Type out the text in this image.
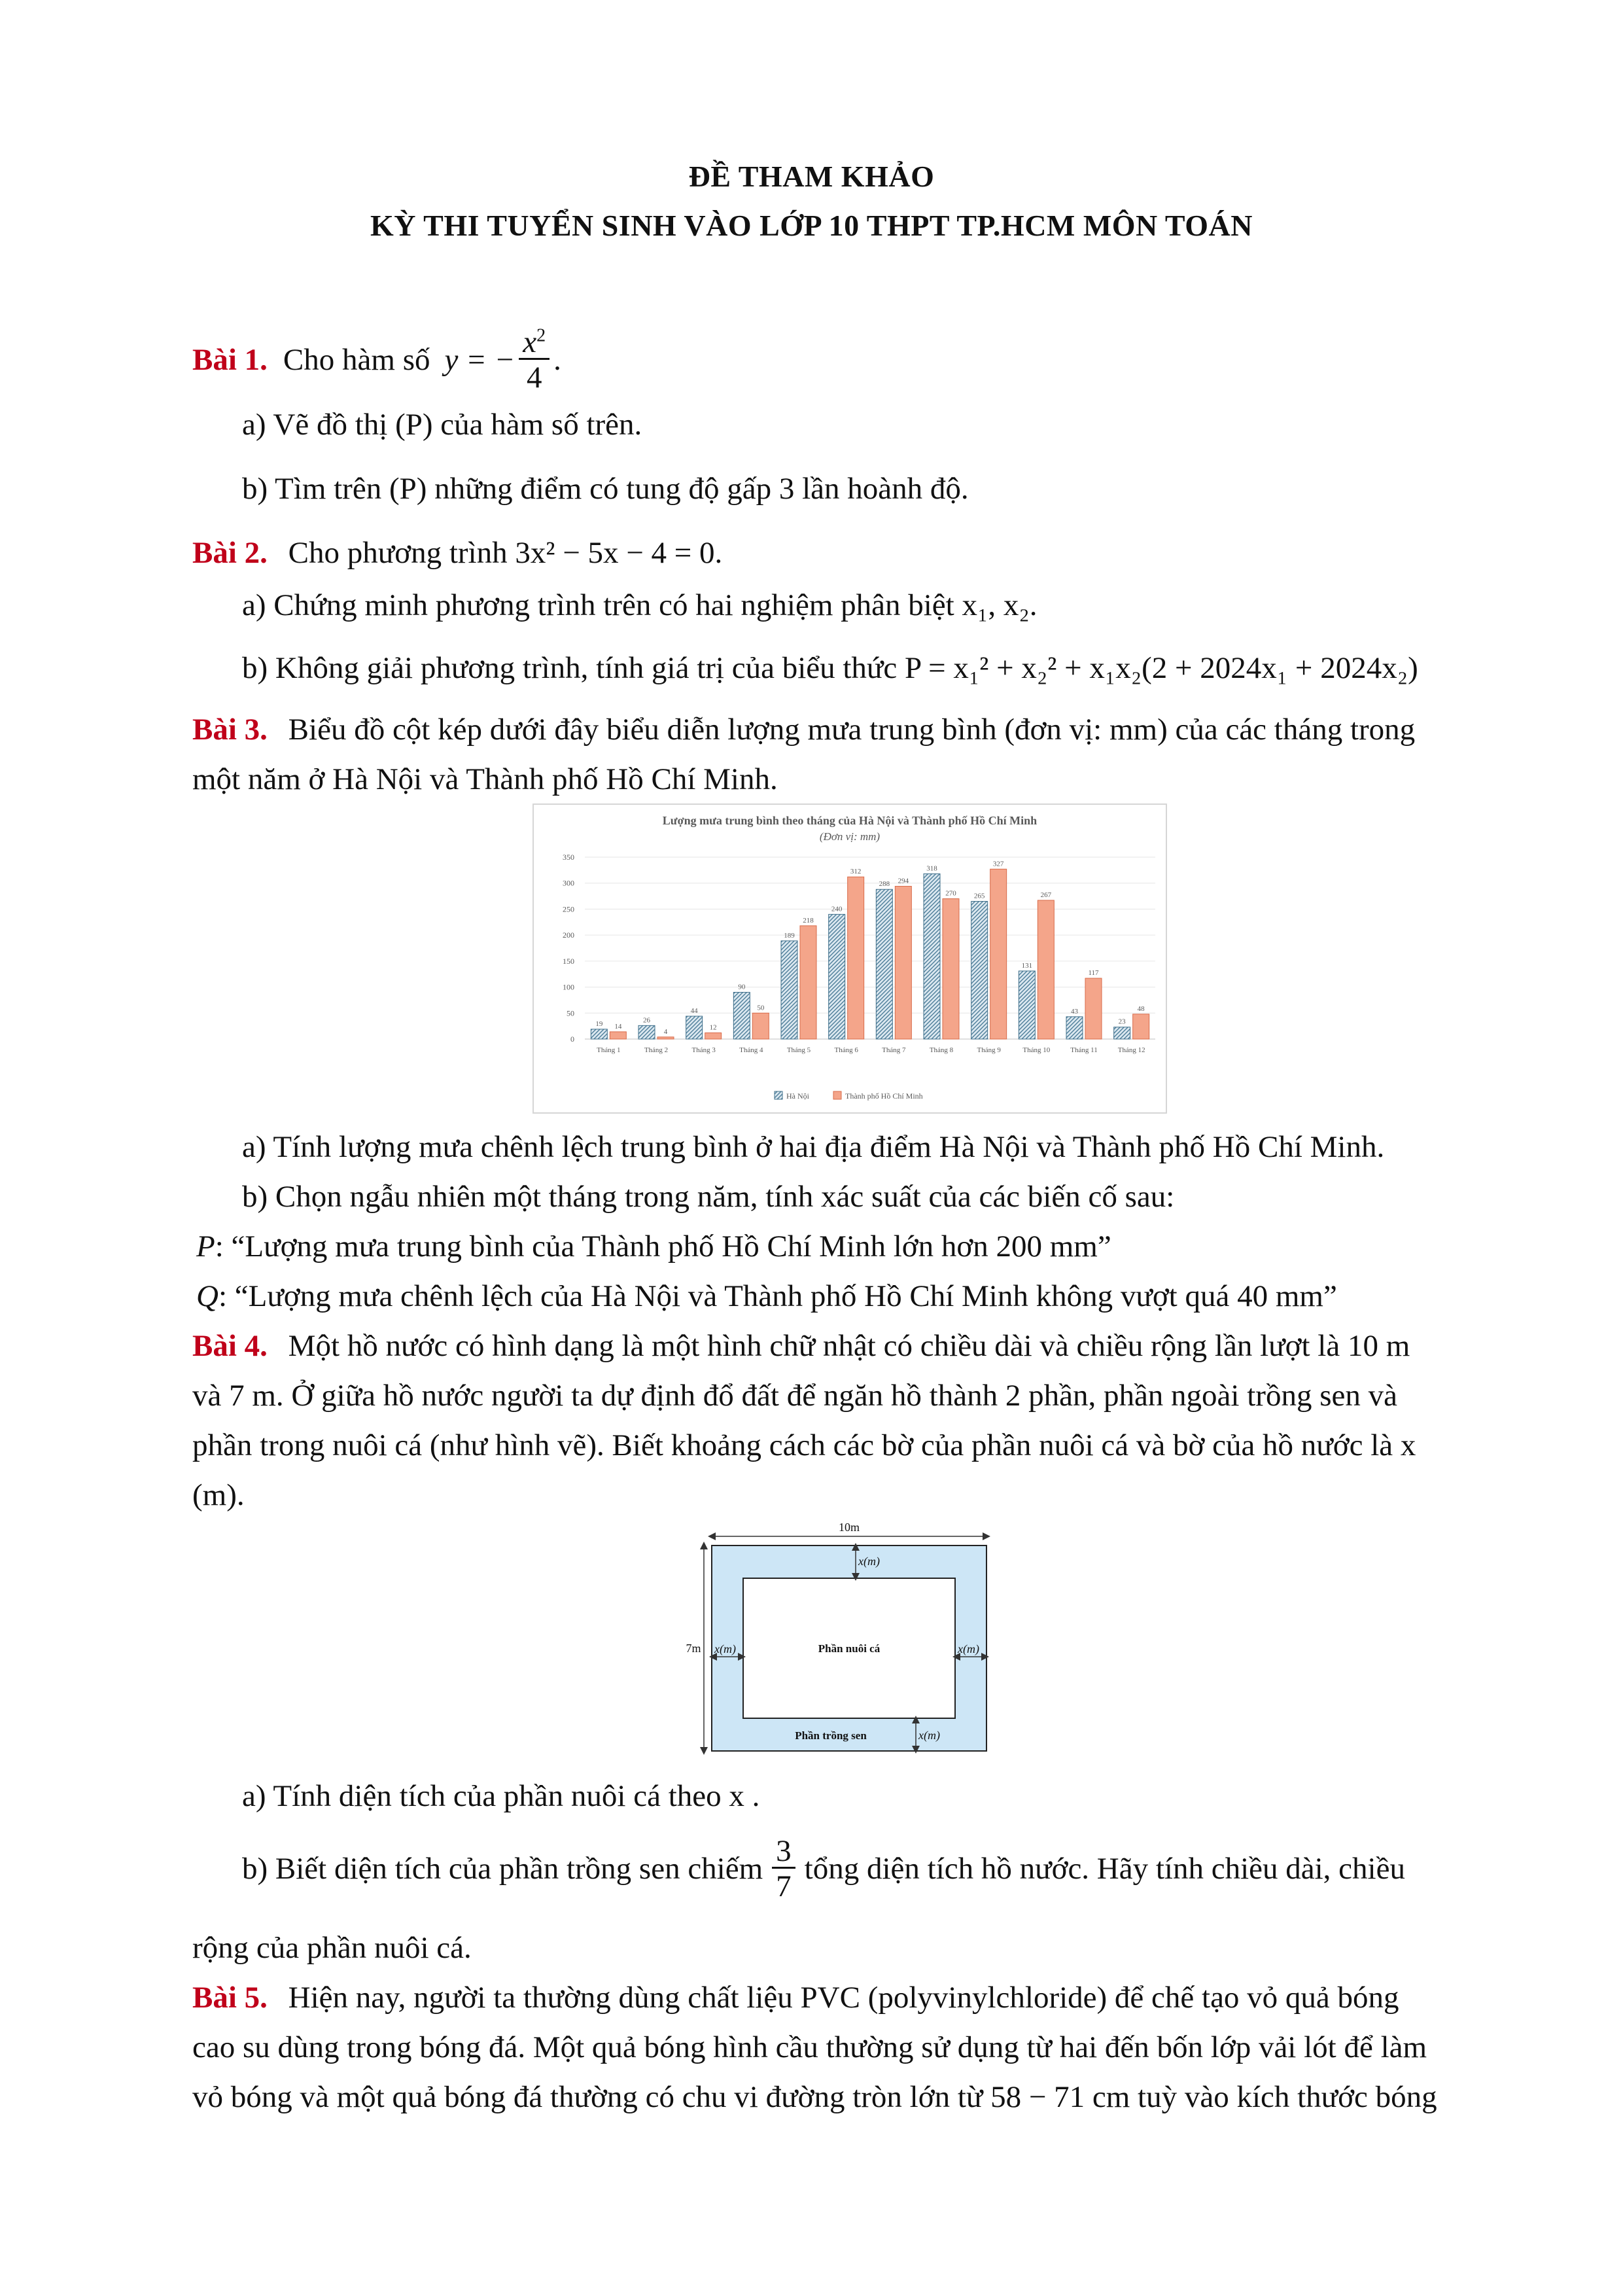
ĐỀ THAM KHẢO
KỲ THI TUYỂN SINH VÀO LỚP 10 THPT TP.HCM MÔN TOÁN
Bài 1. Cho hàm số y = − $\frac{x^2}{4}$ .
a) Vẽ đồ thị (P) của hàm số trên.
b) Tìm trên (P) những điểm có tung độ gấp 3 lần hoành độ.
Bài 2. Cho phương trình 3x² − 5x − 4 = 0.
a) Chứng minh phương trình trên có hai nghiệm phân biệt x₁, x₂.
b) Không giải phương trình, tính giá trị của biểu thức P = x₁² + x₂² + x₁x₂(2 + 2024x₁ + 2024x₂)
Bài 3. Biểu đồ cột kép dưới đây biểu diễn lượng mưa trung bình (đơn vị: mm) của các tháng trong
một năm ở Hà Nội và Thành phố Hồ Chí Minh.
Lượng mưa trung bình theo tháng của Hà Nội và Thành phố Hồ Chí Minh
(Đơn vị: mm)
0
50
100
150
200
250
300
350
19 14
Tháng 1
26
4
Tháng 2
44
12
Tháng 3
90
50
Tháng 4
189
218
Tháng 5
240
312
Tháng 6
288 294
Tháng 7
318
270
Tháng 8
265
327
Tháng 9
131
267
Tháng 10
43
117
Tháng 11
23
48
Tháng 12
Hà Nội	Thành phố Hồ Chí Minh
a) Tính lượng mưa chênh lệch trung bình ở hai địa điểm Hà Nội và Thành phố Hồ Chí Minh.
b) Chọn ngẫu nhiên một tháng trong năm, tính xác suất của các biến cố sau:
P: “Lượng mưa trung bình của Thành phố Hồ Chí Minh lớn hơn 200 mm”
Q: “Lượng mưa chênh lệch của Hà Nội và Thành phố Hồ Chí Minh không vượt quá 40 mm”
Bài 4. Một hồ nước có hình dạng là một hình chữ nhật có chiều dài và chiều rộng lần lượt là 10 m
và 7 m. Ở giữa hồ nước người ta dự định đổ đất để ngăn hồ thành 2 phần, phần ngoài trồng sen và
phần trong nuôi cá (như hình vẽ). Biết khoảng cách các bờ của phần nuôi cá và bờ của hồ nước là x
(m).
10m
7m
x(m)
x(m)	x(m)
x(m)
Phần nuôi cá
Phần trồng sen
a) Tính diện tích của phần nuôi cá theo x .
b) Biết diện tích của phần trồng sen chiếm $\frac{3}{7}$ tổng diện tích hồ nước. Hãy tính chiều dài, chiều
rộng của phần nuôi cá.
Bài 5. Hiện nay, người ta thường dùng chất liệu PVC (polyvinylchloride) để chế tạo vỏ quả bóng
cao su dùng trong bóng đá. Một quả bóng hình cầu thường sử dụng từ hai đến bốn lớp vải lót để làm
vỏ bóng và một quả bóng đá thường có chu vi đường tròn lớn từ 58 − 71 cm tuỳ vào kích thước bóng
